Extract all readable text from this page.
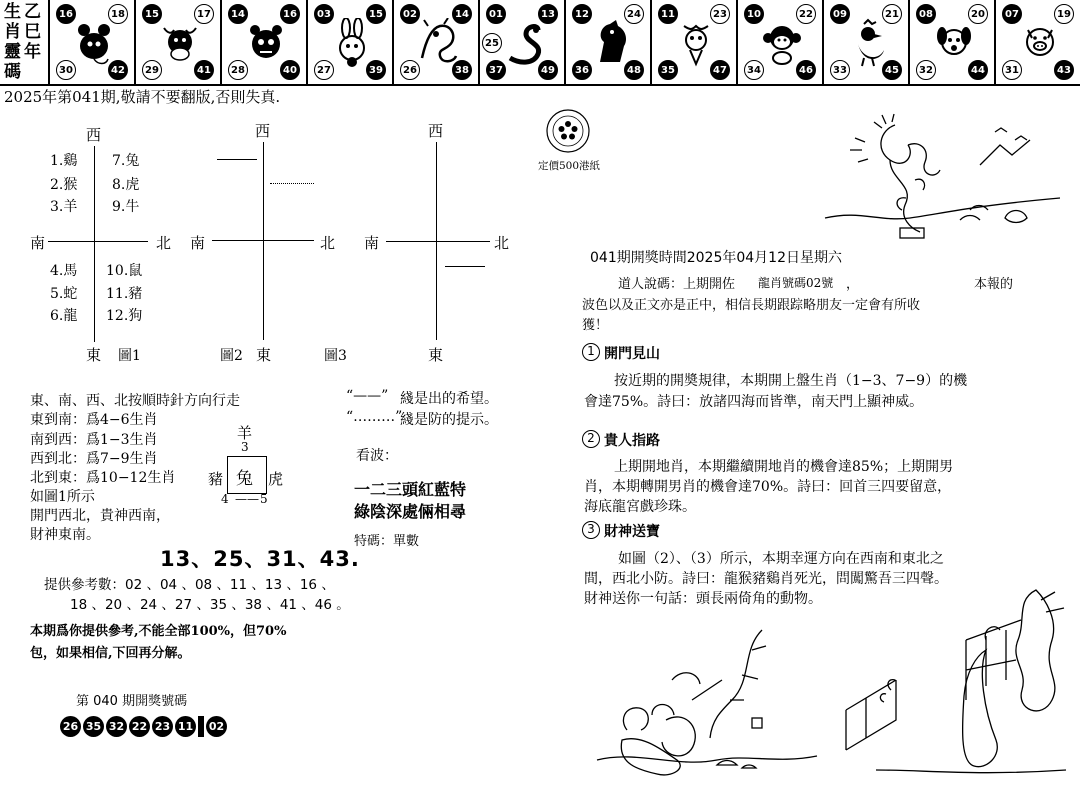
乙
巳
年
生
肖
靈
碼
16	18
30	42
15	17
29	41
14	16
28	40
03	15
27	39
02	14
26	38
01	13
37	49
25
12	24
36	48
11	23
35	47
10	22
34	46
09	21
33	45
08	20
32	44
07	19
31	43
2025年第041期,敬請不要翻版,否則失真.
西
南	北
1.鷄
2.猴
3.羊
4.馬
5.蛇
6.龍
7.兔
8.虎
9.牛
10.鼠
11.豬
12.狗
東 圖1
西
南	北
圖2 東
西
南	北
圖3	東
東、南、西、北按順時針方向行走
東到南：爲4−6生肖
南到西：爲1−3生肖
西到北：爲7−9生肖
北到東：爲10−12生肖
如圖1所示
開門西北，貴神西南，
財神東南。
羊
3
兔
豬	虎
4 —— 5
“——” 綫是出的希望。
“………”
綫是防的提示。
看波：
一二三頭紅藍特
綠陰深處倆相尋
特碼：單數
13、25、31、43.
提供參考數：02 、04 、08 、11 、13 、16 、
18 、20 、24 、27 、35 、38 、41 、46 。
本期爲你提供參考,不能全部100%，但70%
包，如果相信,下回再分解。
第 040 期開獎號碼
26 35 32 22 23 11 02
定價500港紙
041期開獎時間2025年04月12日星期六
道人說碼：上期開佐 龍肖號碼02號 ，	本報的
波色以及正文亦是正中，相信長期跟踪略朋友一定會有所收
獲！
1 開門見山
按近期的開奬規律，本期開上盤生肖（1−3、7−9）的機
會達75%。詩曰：放諸四海而皆準，南天門上顯神威。
2 貴人指路
上期開地肖，本期繼續開地肖的機會達85%；上期開男
肖，本期轉開男肖的機會達70%。詩曰：回首三四要留意，
海底龍宮戲珍珠。
3 財神送寶
如圖（2）、（3）所示，本期幸運方向在西南和東北之
間，西北小防。詩曰：龍猴豬鷄肖死光，問闖驚吾三四聲。
財神送你一句話：頭長兩倚角的動物。
